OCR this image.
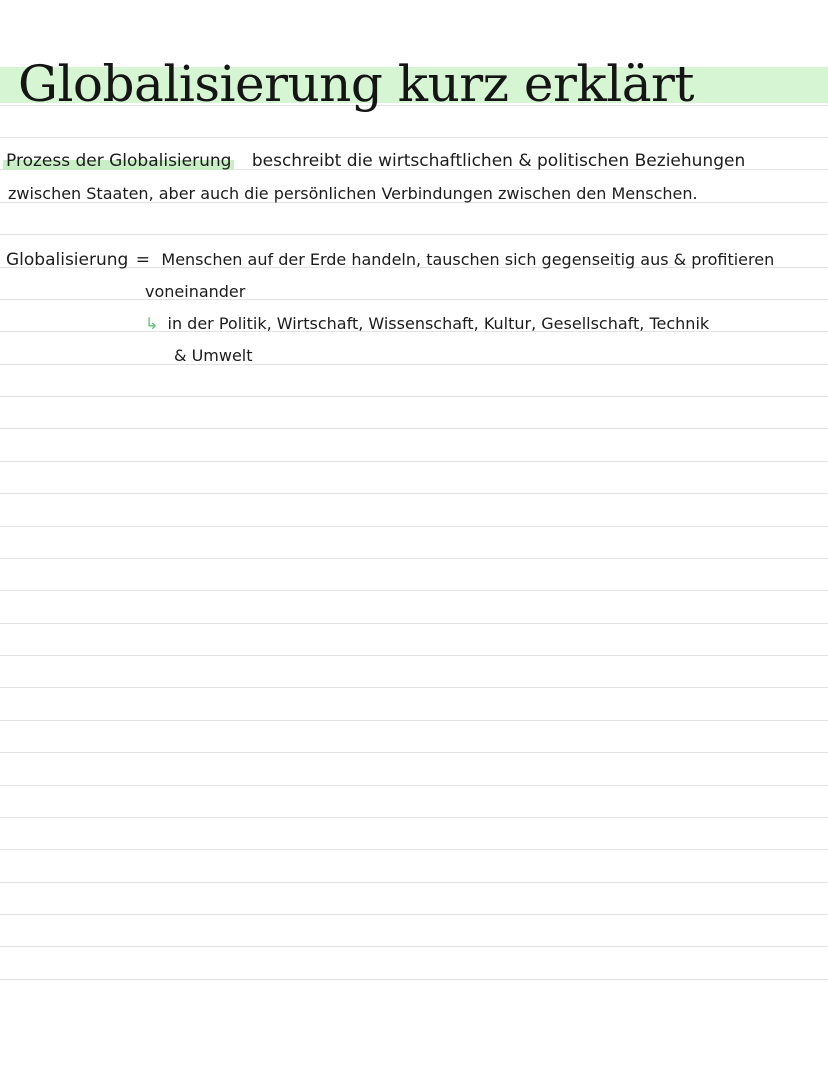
Globalisierung kurz erklärt
Prozess der Globalisierung beschreibt die wirtschaftlichen & politischen Beziehungen
zwischen Staaten, aber auch die persönlichen Verbindungen zwischen den Menschen.
Globalisierung = Menschen auf der Erde handeln, tauschen sich gegenseitig aus & profitieren
voneinander
↳ in der Politik, Wirtschaft, Wissenschaft, Kultur, Gesellschaft, Technik
& Umwelt
